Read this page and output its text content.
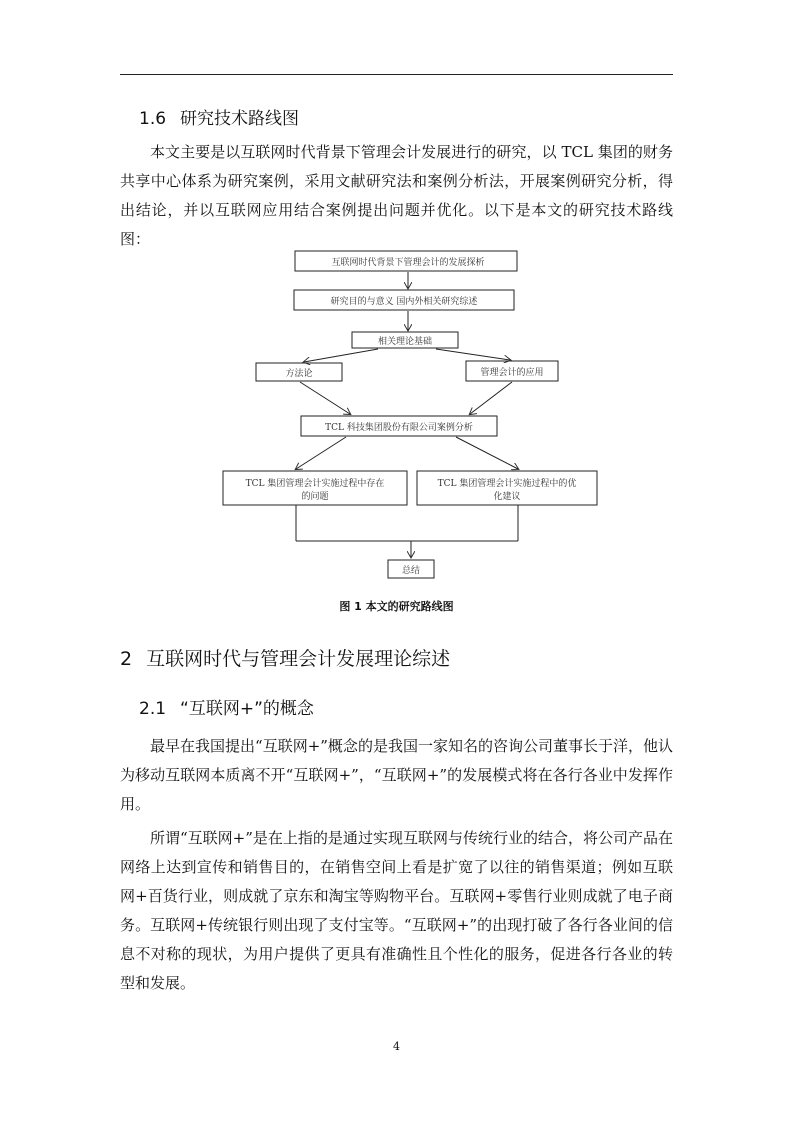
1.6 研究技术路线图

本文主要是以互联网时代背景下管理会计发展进行的研究，以 TCL 集团的财务共享中心体系为研究案例，采用文献研究法和案例分析法，开展案例研究分析，得出结论，并以互联网应用结合案例提出问题并优化。以下是本文的研究技术路线图：

互联网时代背景下管理会计的发展探析
研究目的与意义 国内外相关研究综述
相关理论基础
方法论	管理会计的应用
TCL 科技集团股份有限公司案例分析
TCL 集团管理会计实施过程中存在
的问题
TCL 集团管理会计实施过程中的优
化建议
总结
图 1 本文的研究路线图
2 互联网时代与管理会计发展理论综述
2.1 “互联网+”的概念

最早在我国提出“互联网+”概念的是我国一家知名的咨询公司董事长于洋，他认为移动互联网本质离不开“互联网+”，“互联网+”的发展模式将在各行各业中发挥作用。

所谓“互联网+”是在上指的是通过实现互联网与传统行业的结合，将公司产品在网络上达到宣传和销售目的，在销售空间上看是扩宽了以往的销售渠道；例如互联网+百货行业，则成就了京东和淘宝等购物平台。互联网+零售行业则成就了电子商务。互联网+传统银行则出现了支付宝等。“互联网+”的出现打破了各行各业间的信息不对称的现状，为用户提供了更具有准确性且个性化的服务，促进各行各业的转型和发展。

4
